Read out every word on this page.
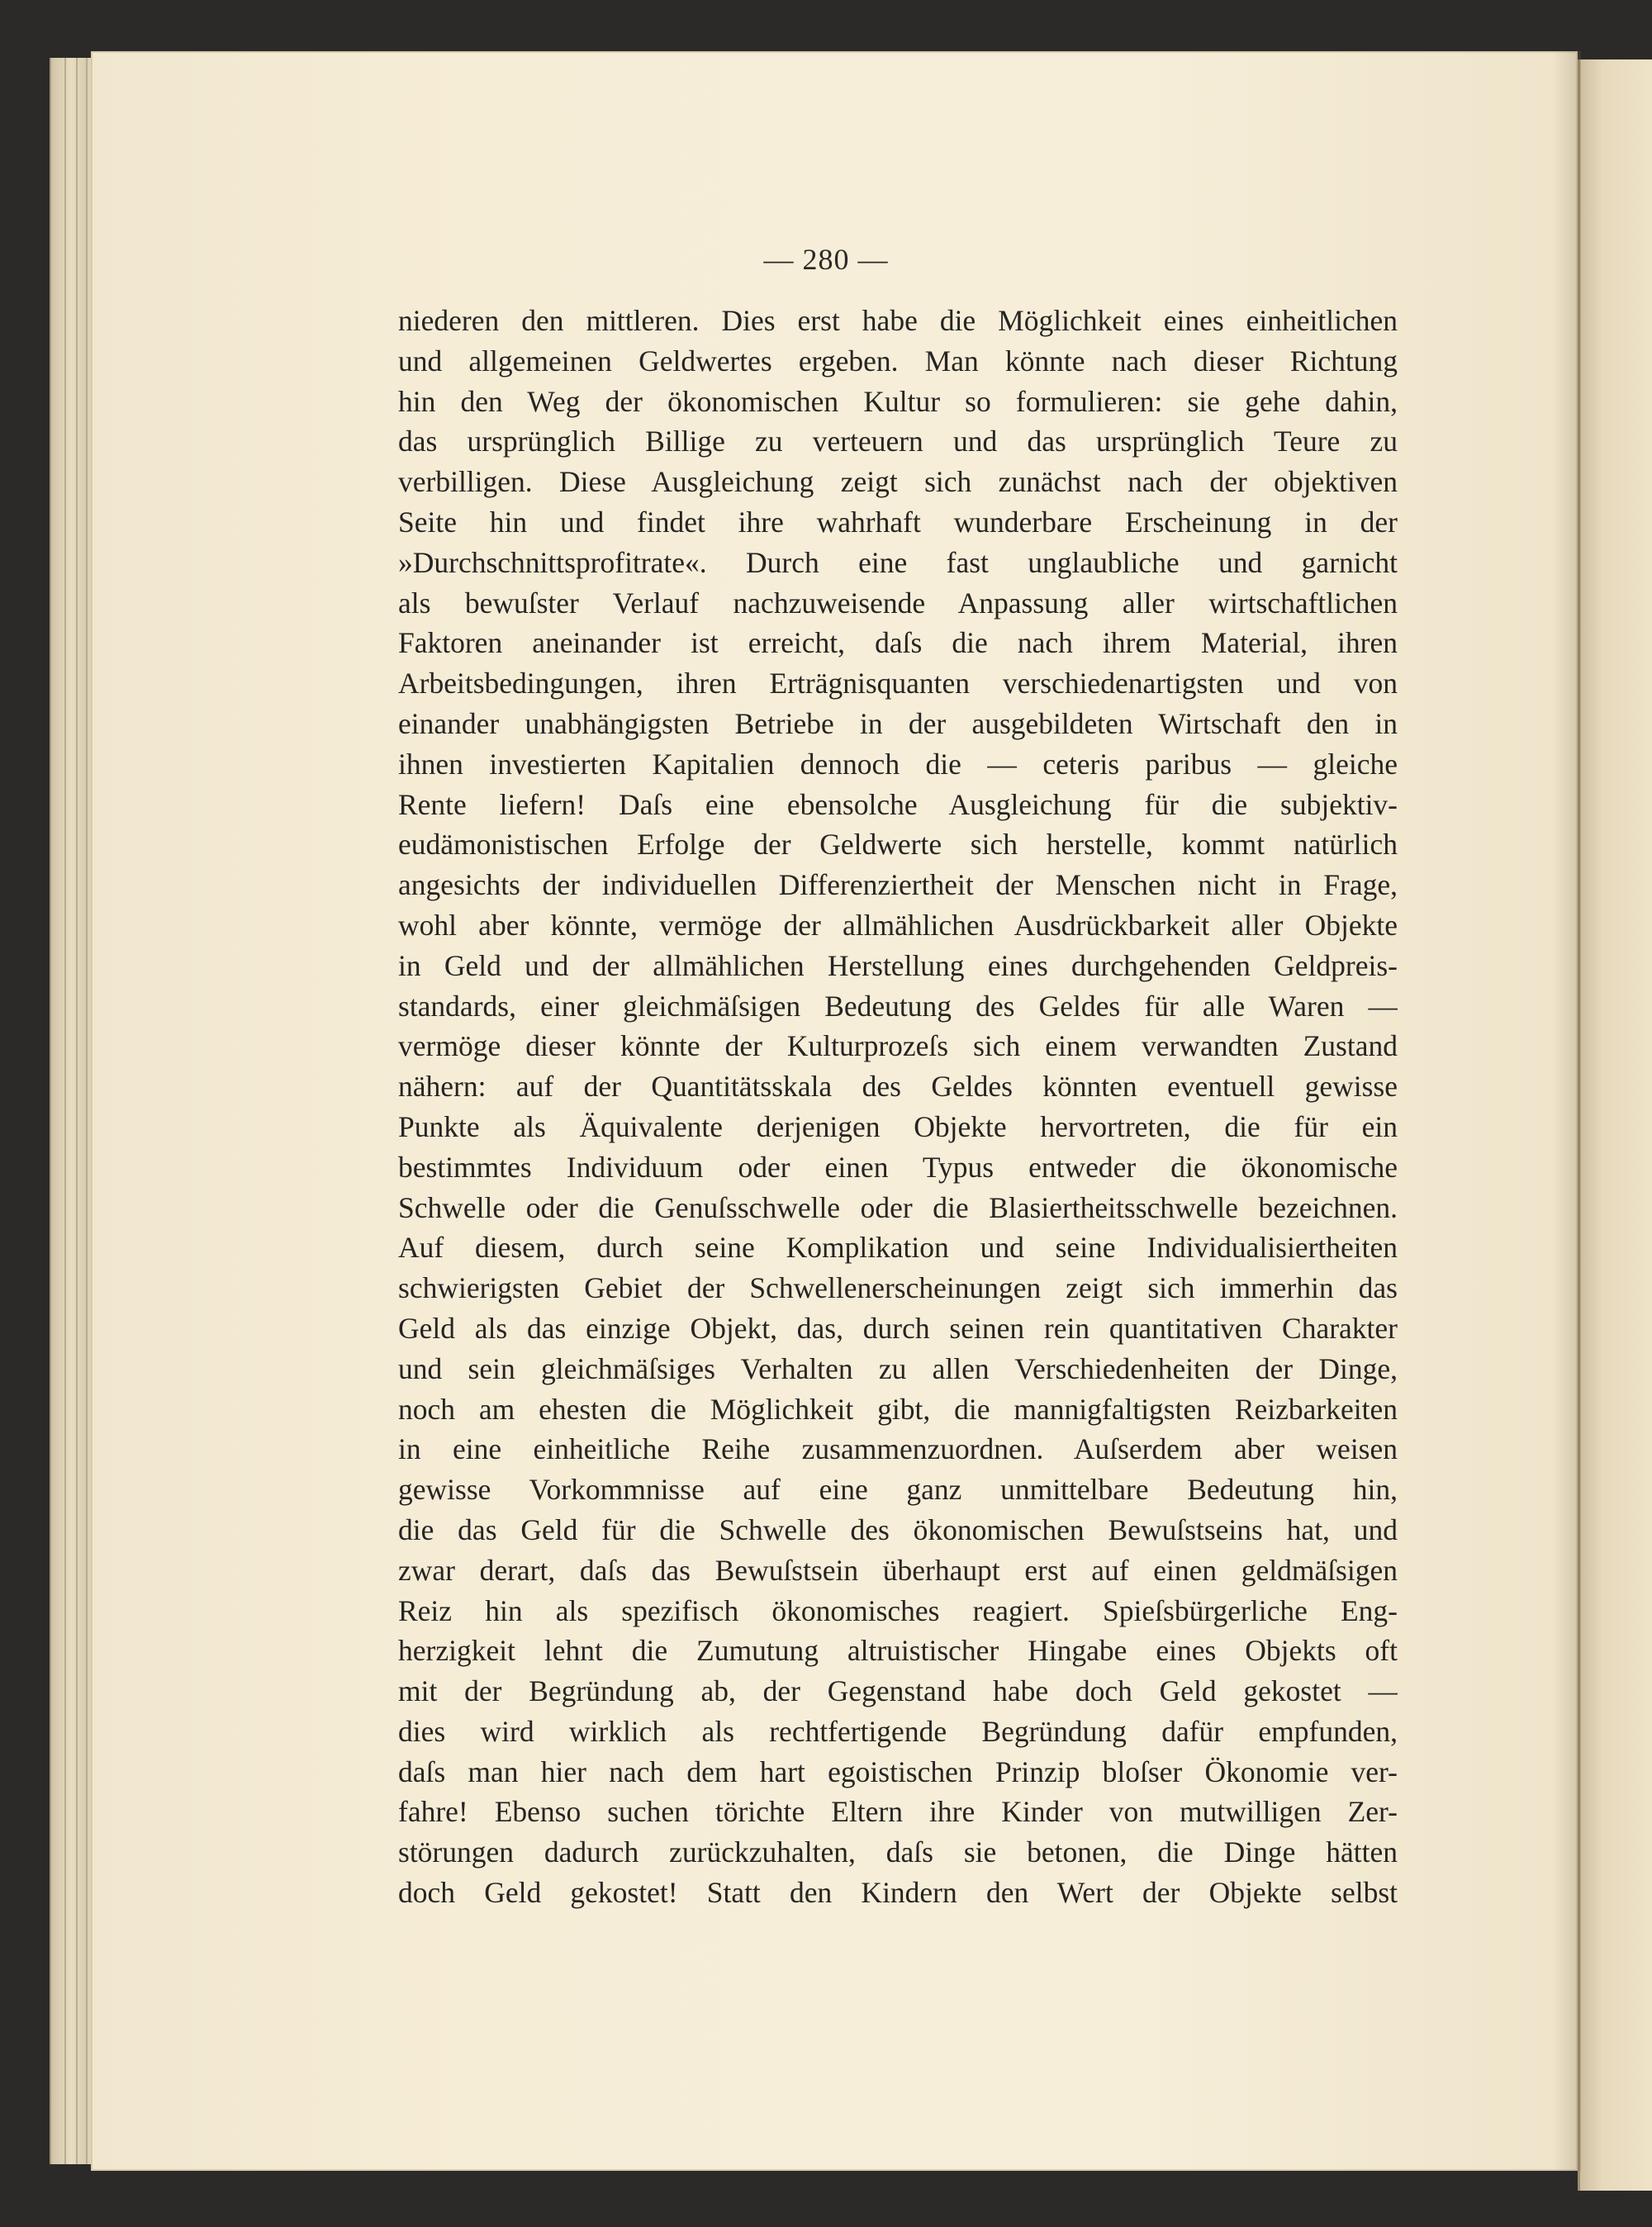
— 280 —
niederen den mittleren. Dies erst habe die Möglichkeit eines einheitlichen
und allgemeinen Geldwertes ergeben. Man könnte nach dieser Richtung
hin den Weg der ökonomischen Kultur so formulieren: sie gehe dahin,
das ursprünglich Billige zu verteuern und das ursprünglich Teure zu
verbilligen. Diese Ausgleichung zeigt sich zunächst nach der objektiven
Seite hin und findet ihre wahrhaft wunderbare Erscheinung in der
»Durchschnittsprofitrate«. Durch eine fast unglaubliche und garnicht
als bewuſster Verlauf nachzuweisende Anpassung aller wirtschaftlichen
Faktoren aneinander ist erreicht, daſs die nach ihrem Material, ihren
Arbeitsbedingungen, ihren Erträgnisquanten verschiedenartigsten und von
einander unabhängigsten Betriebe in der ausgebildeten Wirtschaft den in
ihnen investierten Kapitalien dennoch die — ceteris paribus — gleiche
Rente liefern! Daſs eine ebensolche Ausgleichung für die subjektiv-
eudämonistischen Erfolge der Geldwerte sich herstelle, kommt natürlich
angesichts der individuellen Differenziertheit der Menschen nicht in Frage,
wohl aber könnte, vermöge der allmählichen Ausdrückbarkeit aller Objekte
in Geld und der allmählichen Herstellung eines durchgehenden Geldpreis-
standards, einer gleichmäſsigen Bedeutung des Geldes für alle Waren —
vermöge dieser könnte der Kulturprozeſs sich einem verwandten Zustand
nähern: auf der Quantitätsskala des Geldes könnten eventuell gewisse
Punkte als Äquivalente derjenigen Objekte hervortreten, die für ein
bestimmtes Individuum oder einen Typus entweder die ökonomische
Schwelle oder die Genuſsschwelle oder die Blasiertheitsschwelle bezeichnen.
Auf diesem, durch seine Komplikation und seine Individualisiertheiten
schwierigsten Gebiet der Schwellenerscheinungen zeigt sich immerhin das
Geld als das einzige Objekt, das, durch seinen rein quantitativen Charakter
und sein gleichmäſsiges Verhalten zu allen Verschiedenheiten der Dinge,
noch am ehesten die Möglichkeit gibt, die mannigfaltigsten Reizbarkeiten
in eine einheitliche Reihe zusammenzuordnen. Auſserdem aber weisen
gewisse Vorkommnisse auf eine ganz unmittelbare Bedeutung hin,
die das Geld für die Schwelle des ökonomischen Bewuſstseins hat, und
zwar derart, daſs das Bewuſstsein überhaupt erst auf einen geldmäſsigen
Reiz hin als spezifisch ökonomisches reagiert. Spieſsbürgerliche Eng-
herzigkeit lehnt die Zumutung altruistischer Hingabe eines Objekts oft
mit der Begründung ab, der Gegenstand habe doch Geld gekostet —
dies wird wirklich als rechtfertigende Begründung dafür empfunden,
daſs man hier nach dem hart egoistischen Prinzip bloſser Ökonomie ver-
fahre! Ebenso suchen törichte Eltern ihre Kinder von mutwilligen Zer-
störungen dadurch zurückzuhalten, daſs sie betonen, die Dinge hätten
doch Geld gekostet! Statt den Kindern den Wert der Objekte selbst
